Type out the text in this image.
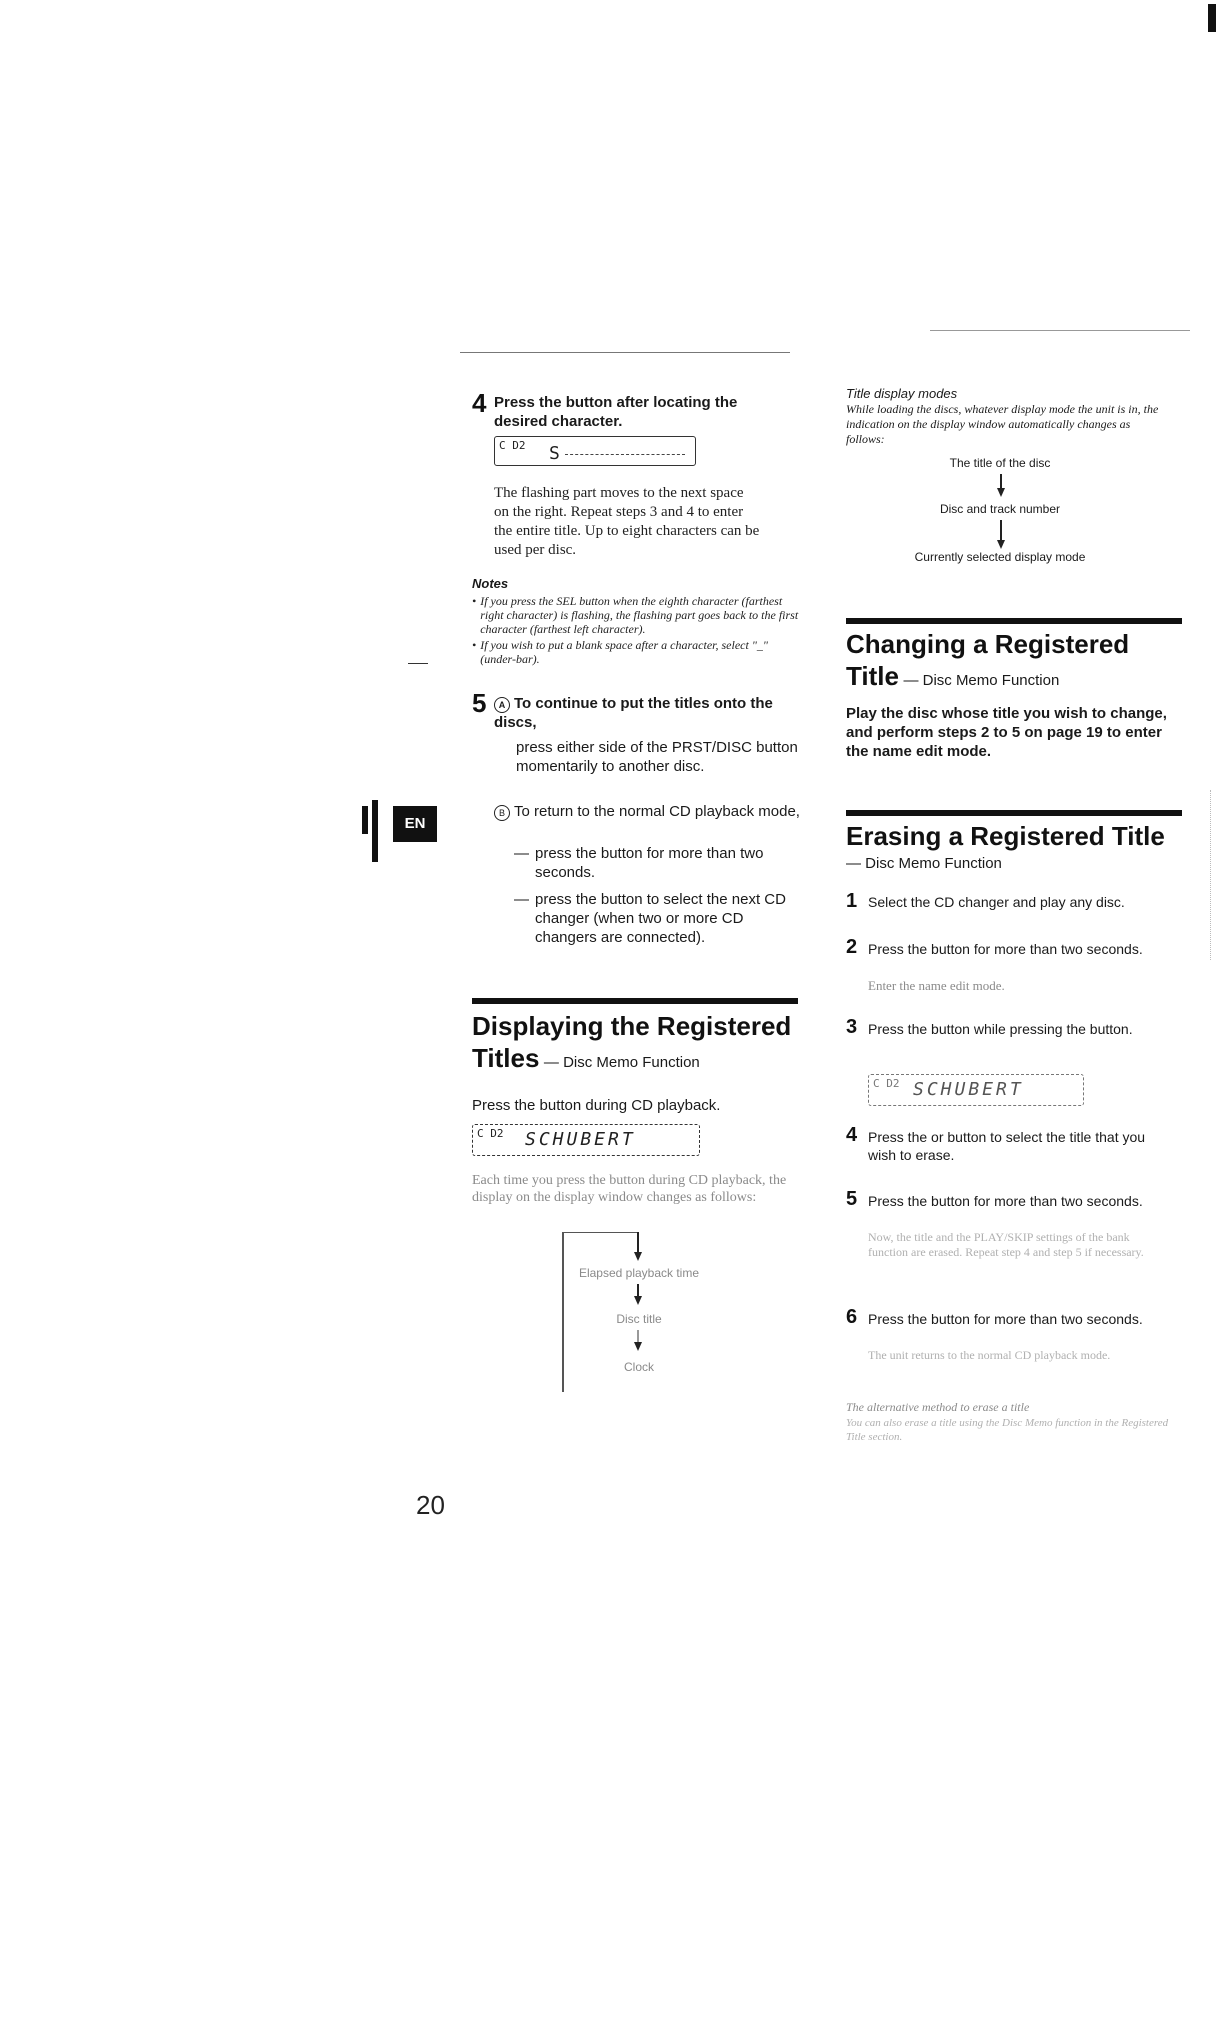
4 Press the button after locating the desired character.
C D2 S
The flashing part moves to the next space
on the right. Repeat steps 3 and 4 to enter
the entire title. Up to eight characters can be
used per disc.
Notes
• If you press the SEL button when the eighth character (farthest right character) is flashing, the flashing part goes back to the first character (farthest left character).
• If you wish to put a blank space after a character, select "_" (under-bar).
5	A To continue to put the titles onto the discs,
press either side of the PRST/DISC button momentarily to another disc.
EN
B To return to the normal CD playback mode,
— press the button for more than two seconds.
— press the button to select the next CD changer (when two or more CD changers are connected).
Displaying the Registered
Titles — Disc Memo Function
Press the button during CD playback.
C D2 SCHUBERT
Each time you press the button during CD playback, the display on the display window changes as follows:
Elapsed playback time
Disc title
Clock
20
Title display modes
While loading the discs, whatever display mode the unit is in, the indication on the display window automatically changes as follows:
The title of the disc
Disc and track number
Currently selected display mode
Changing a Registered
Title — Disc Memo Function
Play the disc whose title you wish to change, and perform steps 2 to 5 on page 19 to enter the name edit mode.
Erasing a Registered Title
— Disc Memo Function
1 Select the CD changer and play any disc.
2 Press the button for more than two seconds.
Enter the name edit mode.
3 Press the button while pressing the button.
C D2 SCHUBERT
4 Press the or button to select the title that you wish to erase.
5 Press the button for more than two seconds.
Now, the title and the PLAY/SKIP settings of the bank function are erased. Repeat step 4 and step 5 if necessary.
6 Press the button for more than two seconds.
The unit returns to the normal CD playback mode.
The alternative method to erase a title
You can also erase a title using the Disc Memo function in the Registered Title section.
